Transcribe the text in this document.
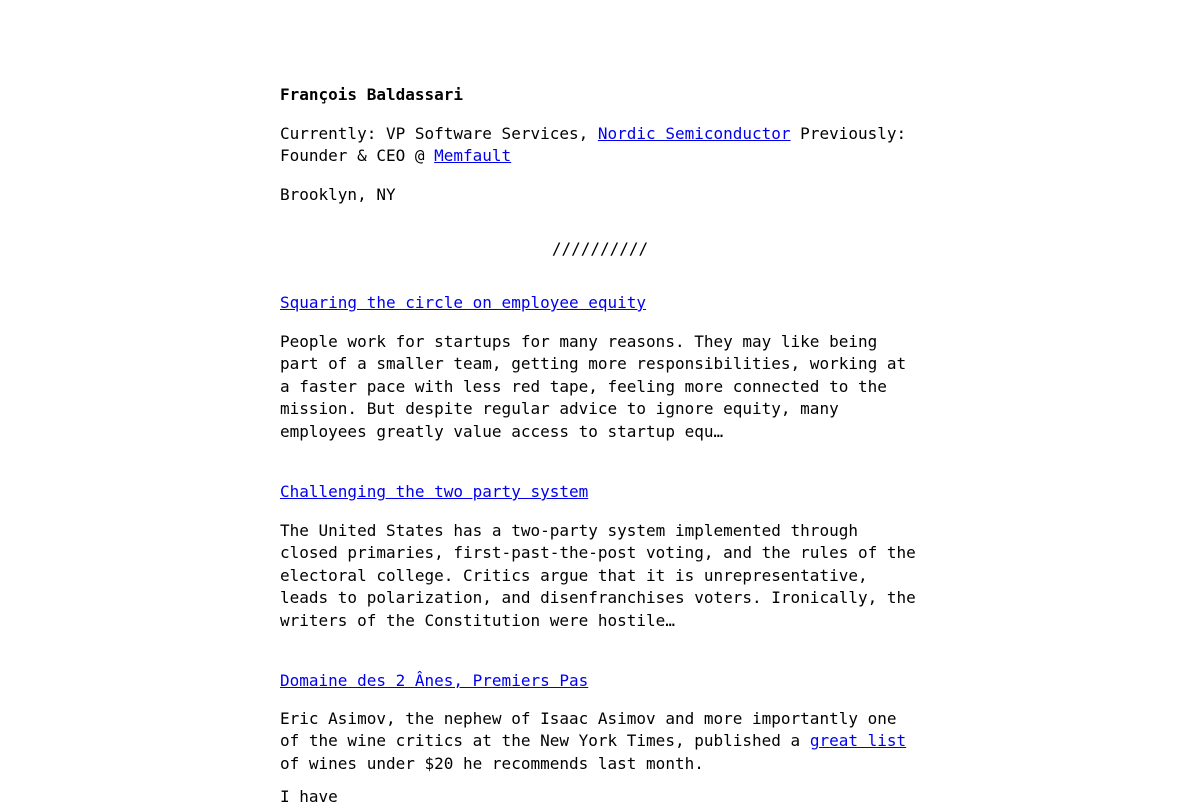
François Baldassari

Currently: VP Software Services, Nordic Semiconductor Previously: Founder & CEO @ Memfault

Brooklyn, NY

//////////

Squaring the circle on employee equity

People work for startups for many reasons. They may like being part of a smaller team, getting more responsibilities, working at a faster pace with less red tape, feeling more connected to the mission. But despite regular advice to ignore equity, many employees greatly value access to startup equ…

Challenging the two party system

The United States has a two-party system implemented through closed primaries, first-past-the-post voting, and the rules of the electoral college. Critics argue that it is unrepresentative, leads to polarization, and disenfranchises voters. Ironically, the writers of the Constitution were hostile…

Domaine des 2 Ânes, Premiers Pas

Eric Asimov, the nephew of Isaac Asimov and more importantly one of the wine critics at the New York Times, published a great list of wines under $20 he recommends last month.

I have
